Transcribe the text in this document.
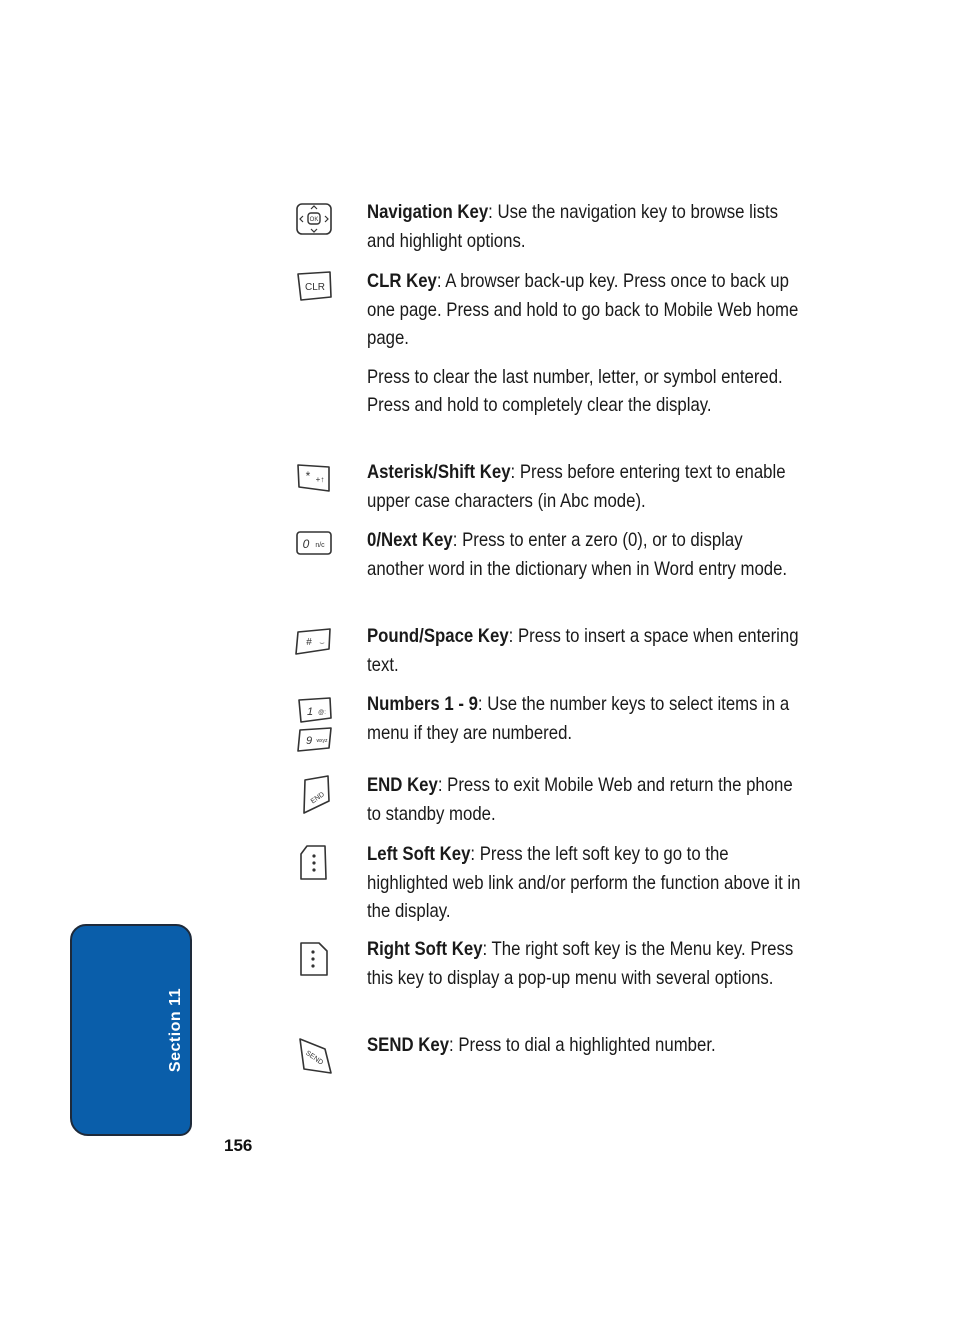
OK Navigation Key: Use the navigation key to browse lists and highlight options.

CLR CLR Key: A browser back-up key. Press once to back up one page. Press and hold to go back to Mobile Web home page.

Press to clear the last number, letter, or symbol entered. Press and hold to completely clear the display.

* +↑ Asterisk/Shift Key: Press before entering text to enable upper case characters (in Abc mode).

0 n/c 0/Next Key: Press to enter a zero (0), or to display another word in the dictionary when in Word entry mode.

# ‿ Pound/Space Key: Press to insert a space when entering text.

1 @:
9 wxyz

Numbers 1 - 9: Use the number keys to select items in a menu if they are numbered.

END

END Key: Press to exit Mobile Web and return the phone to standby mode.

Left Soft Key: Press the left soft key to go to the highlighted web link and/or perform the function above it in the display.

Right Soft Key: The right soft key is the Menu key. Press this key to display a pop-up menu with several options.

SEND

SEND Key: Press to dial a highlighted number.

Section 11
156
